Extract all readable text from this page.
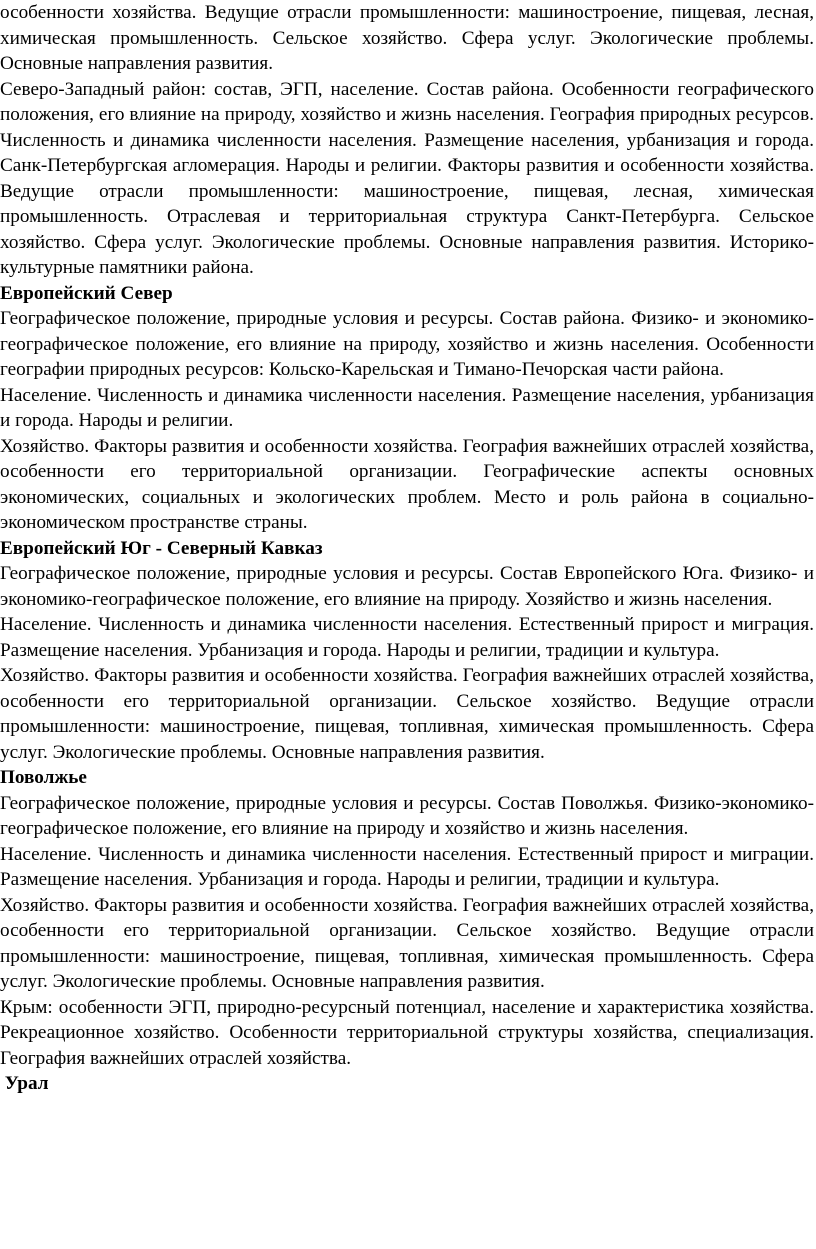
особенности хозяйства. Ведущие отрасли промышленности: машиностроение, пищевая, лесная, химическая промышленность. Сельское хозяйство. Сфера услуг. Экологические проблемы. Основные направления развития.

Северо-Западный район: состав, ЭГП, население. Состав района. Особенности географического положения, его влияние на природу, хозяйство и жизнь населения. География природных ресурсов. Численность и динамика численности населения. Размещение населения, урбанизация и города. Санк-Петербургская агломерация. Народы и религии. Факторы развития и особенности хозяйства. Ведущие отрасли промышленности: машиностроение, пищевая, лесная, химическая промышленность. Отраслевая и территориальная структура Санкт-Петербурга. Сельское хозяйство. Сфера услуг. Экологические проблемы. Основные направления развития. Историко-культурные памятники района.

Европейский Север

Географическое положение, природные условия и ресурсы. Состав района. Физико- и экономико-географическое положение, его влияние на природу, хозяйство и жизнь населения. Особенности географии природных ресурсов: Кольско-Карельская и Тимано-Печорская части района.

Население. Численность и динамика численности населения. Размещение населения, урбанизация и города. Народы и религии.

Хозяйство. Факторы развития и особенности хозяйства. География важнейших отраслей хозяйства, особенности его территориальной организации. Географические аспекты основных экономических, социальных и экологических проблем. Место и роль района в социально-экономическом пространстве страны.

Европейский Юг - Северный Кавказ

Географическое положение, природные условия и ресурсы. Состав Европейского Юга. Физико- и экономико-географическое положение, его влияние на природу. Хозяйство и жизнь населения.

Население. Численность и динамика численности населения. Естественный прирост и миграция. Размещение населения. Урбанизация и города. Народы и религии, традиции и культура.

Хозяйство. Факторы развития и особенности хозяйства. География важнейших отраслей хозяйства, особенности его территориальной организации. Сельское хозяйство. Ведущие отрасли промышленности: машиностроение, пищевая, топливная, химическая промышленность. Сфера услуг. Экологические проблемы. Основные направления развития.

Поволжье

Географическое положение, природные условия и ресурсы. Состав Поволжья. Физико-экономико-географическое положение, его влияние на природу и хозяйство и жизнь населения.

Население. Численность и динамика численности населения. Естественный прирост и миграции. Размещение населения. Урбанизация и города. Народы и религии, традиции и культура.

Хозяйство. Факторы развития и особенности хозяйства. География важнейших отраслей хозяйства, особенности его территориальной организации. Сельское хозяйство. Ведущие отрасли промышленности: машиностроение, пищевая, топливная, химическая промышленность. Сфера услуг. Экологические проблемы. Основные направления развития.

Крым: особенности ЭГП, природно-ресурсный потенциал, население и характеристика хозяйства. Рекреационное хозяйство. Особенности территориальной структуры хозяйства, специализация. География важнейших отраслей хозяйства.

Урал
